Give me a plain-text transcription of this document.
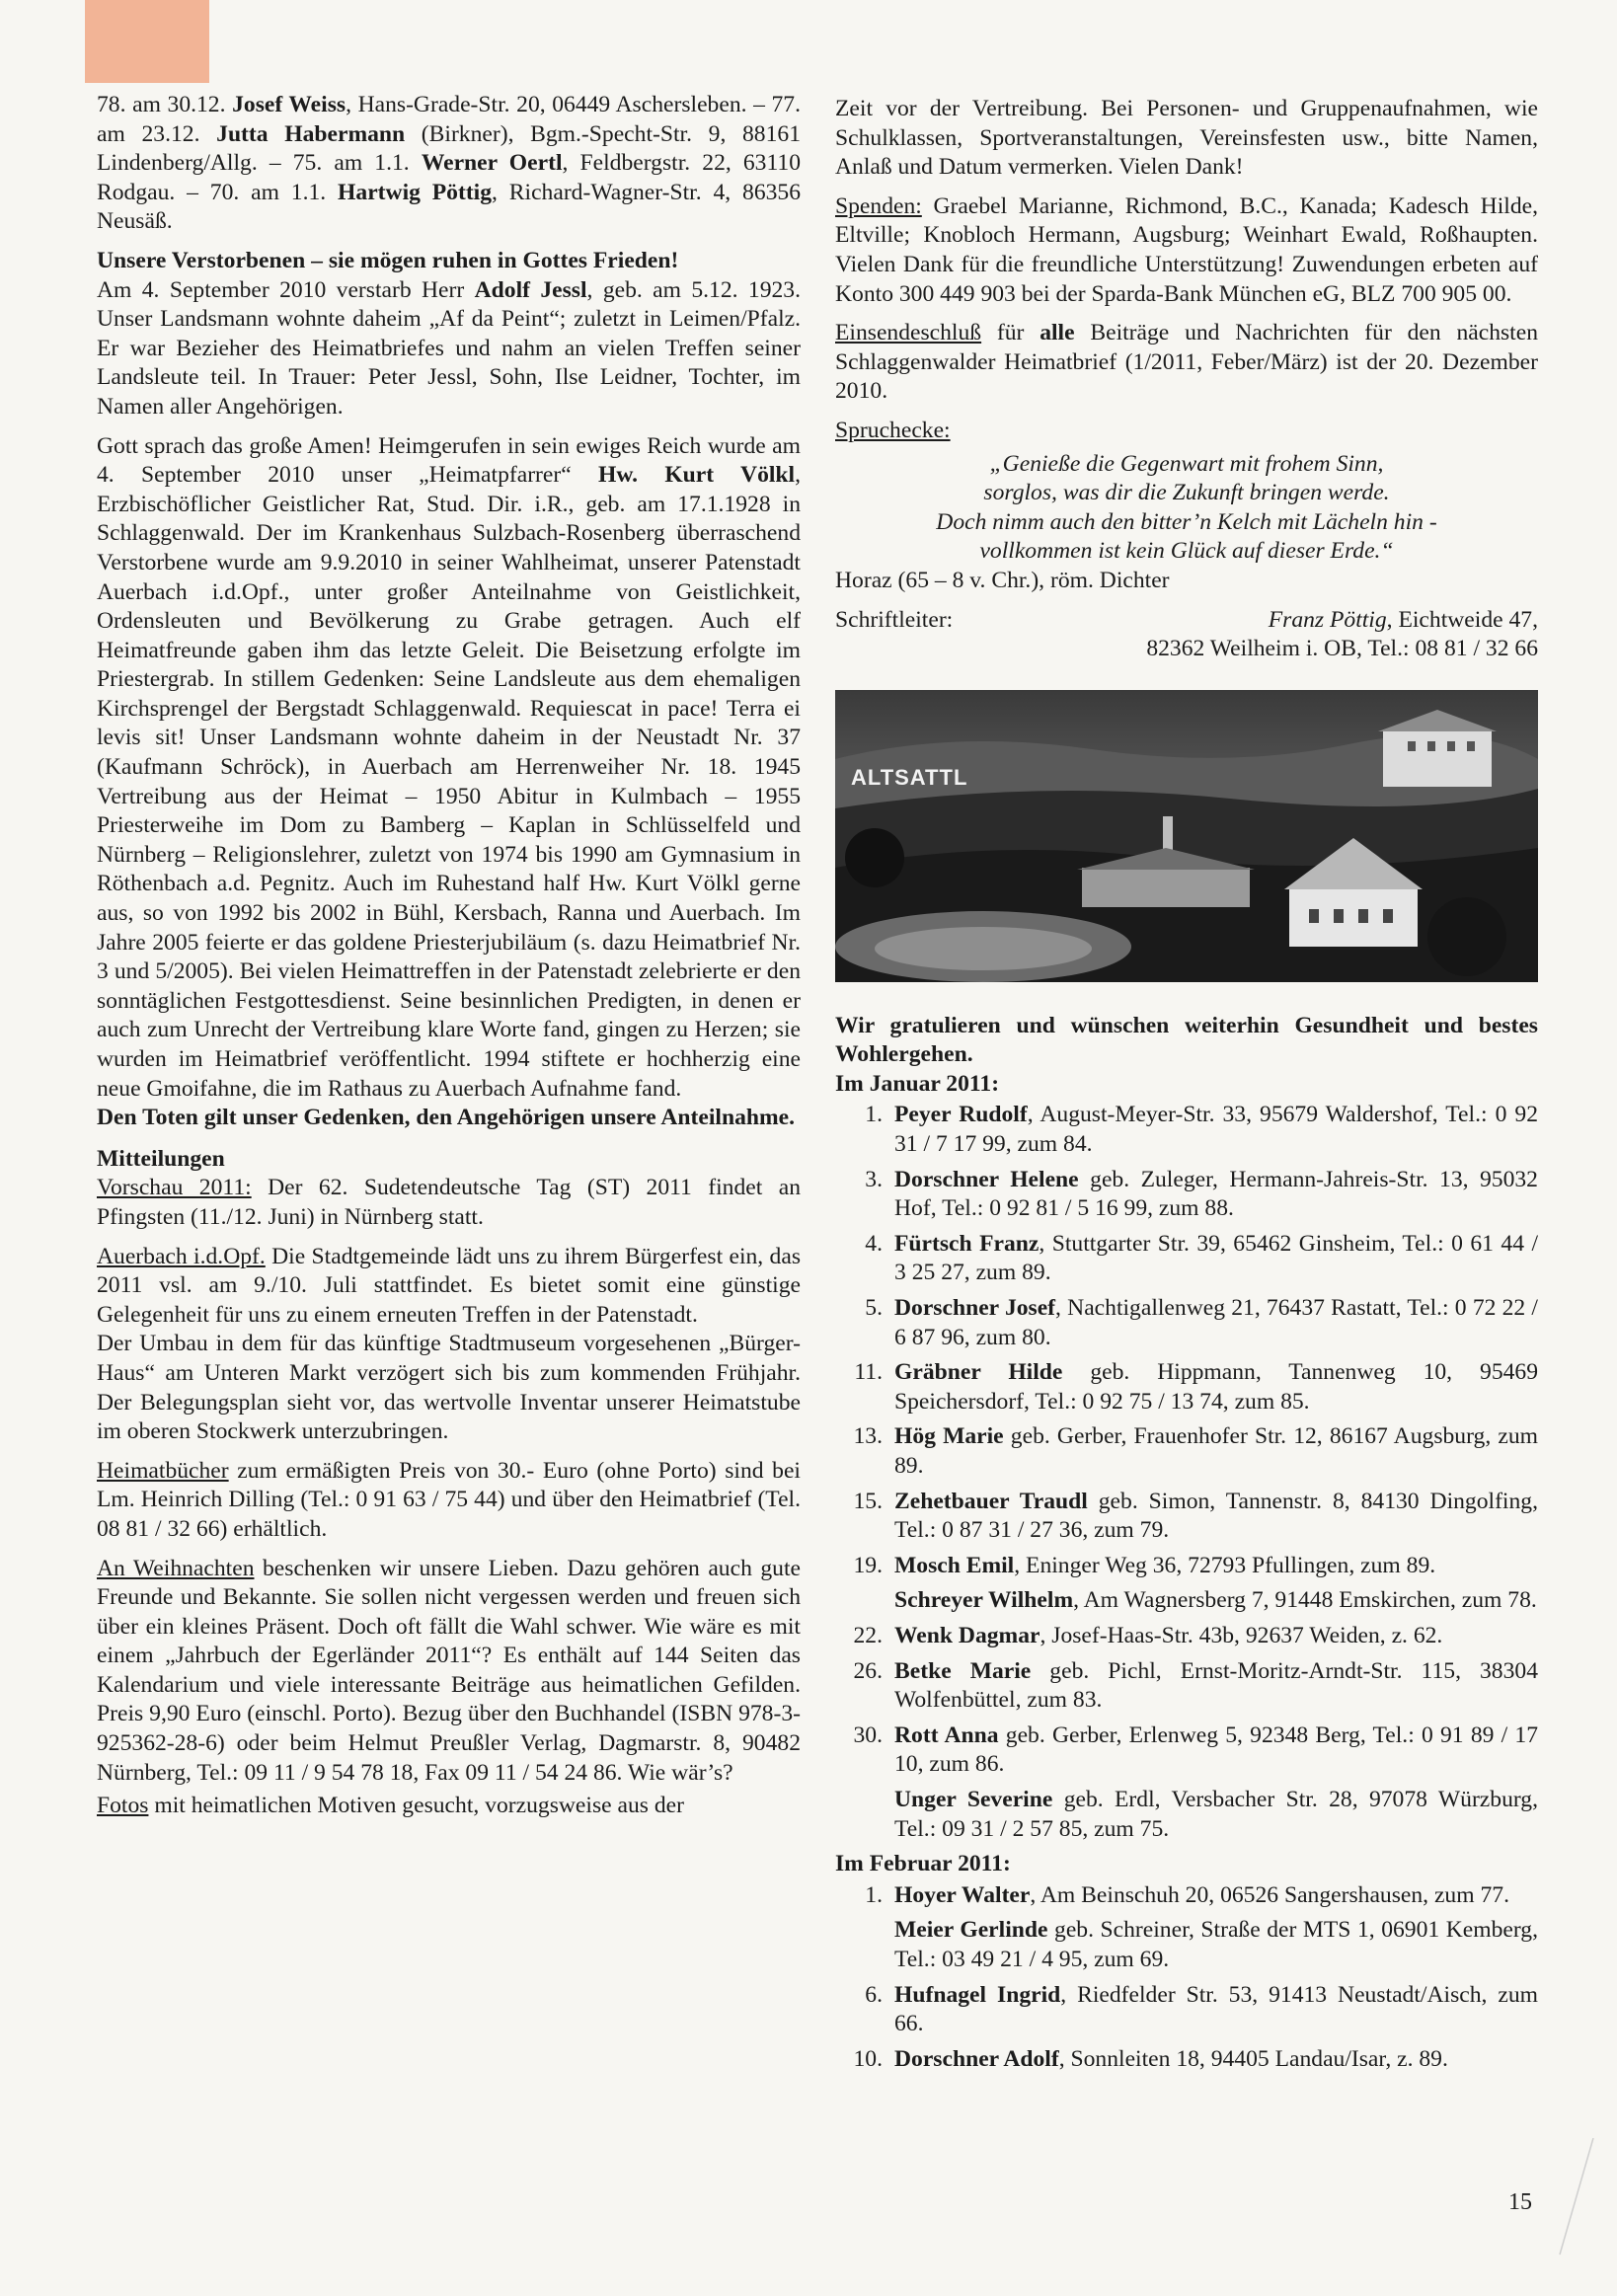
78. am 30.12. Josef Weiss, Hans-Grade-Str. 20, 06449 Aschersleben. – 77. am 23.12. Jutta Habermann (Birkner), Bgm.-Specht-Str. 9, 88161 Lindenberg/Allg. – 75. am 1.1. Werner Oertl, Feldbergstr. 22, 63110 Rodgau. – 70. am 1.1. Hartwig Pöttig, Richard-Wagner-Str. 4, 86356 Neusäß.

Unsere Verstorbenen – sie mögen ruhen in Gottes Frieden!

Am 4. September 2010 verstarb Herr Adolf Jessl, geb. am 5.12. 1923. Unser Landsmann wohnte daheim „Af da Peint“; zuletzt in Leimen/Pfalz. Er war Bezieher des Heimatbriefes und nahm an vielen Treffen seiner Landsleute teil. In Trauer: Peter Jessl, Sohn, Ilse Leidner, Tochter, im Namen aller Angehörigen.

Gott sprach das große Amen! Heimgerufen in sein ewiges Reich wurde am 4. September 2010 unser „Heimatpfarrer“ Hw. Kurt Völkl, Erzbischöflicher Geistlicher Rat, Stud. Dir. i.R., geb. am 17.1.1928 in Schlaggenwald. Der im Krankenhaus Sulzbach-Rosenberg überraschend Verstorbene wurde am 9.9.2010 in seiner Wahlheimat, unserer Patenstadt Auerbach i.d.Opf., unter großer Anteilnahme von Geistlichkeit, Ordensleuten und Bevölkerung zu Grabe getragen. Auch elf Heimatfreunde gaben ihm das letzte Geleit. Die Beisetzung erfolgte im Priestergrab. In stillem Gedenken: Seine Landsleute aus dem ehemaligen Kirchsprengel der Bergstadt Schlaggenwald. Requiescat in pace! Terra ei levis sit! Unser Landsmann wohnte daheim in der Neustadt Nr. 37 (Kaufmann Schröck), in Auerbach am Herrenweiher Nr. 18. 1945 Vertreibung aus der Heimat – 1950 Abitur in Kulmbach – 1955 Priesterweihe im Dom zu Bamberg – Kaplan in Schlüsselfeld und Nürnberg – Religionslehrer, zuletzt von 1974 bis 1990 am Gymnasium in Röthenbach a.d. Pegnitz. Auch im Ruhestand half Hw. Kurt Völkl gerne aus, so von 1992 bis 2002 in Bühl, Kersbach, Ranna und Auerbach. Im Jahre 2005 feierte er das goldene Priesterjubiläum (s. dazu Heimatbrief Nr. 3 und 5/2005). Bei vielen Heimattreffen in der Patenstadt zelebrierte er den sonntäglichen Festgottesdienst. Seine besinnlichen Predigten, in denen er auch zum Unrecht der Vertreibung klare Worte fand, gingen zu Herzen; sie wurden im Heimatbrief veröffentlicht. 1994 stiftete er hochherzig eine neue Gmoifahne, die im Rathaus zu Auerbach Aufnahme fand.

Den Toten gilt unser Gedenken, den Angehörigen unsere Anteilnahme.

Mitteilungen

Vorschau 2011: Der 62. Sudetendeutsche Tag (ST) 2011 findet an Pfingsten (11./12. Juni) in Nürnberg statt.

Auerbach i.d.Opf. Die Stadtgemeinde lädt uns zu ihrem Bürgerfest ein, das 2011 vsl. am 9./10. Juli stattfindet. Es bietet somit eine günstige Gelegenheit für uns zu einem erneuten Treffen in der Patenstadt.

Der Umbau in dem für das künftige Stadtmuseum vorgesehenen „Bürger-Haus“ am Unteren Markt verzögert sich bis zum kommenden Frühjahr. Der Belegungsplan sieht vor, das wertvolle Inventar unserer Heimatstube im oberen Stockwerk unterzubringen.

Heimatbücher zum ermäßigten Preis von 30.- Euro (ohne Porto) sind bei Lm. Heinrich Dilling (Tel.: 0 91 63 / 75 44) und über den Heimatbrief (Tel. 08 81 / 32 66) erhältlich.

An Weihnachten beschenken wir unsere Lieben. Dazu gehören auch gute Freunde und Bekannte. Sie sollen nicht vergessen werden und freuen sich über ein kleines Präsent. Doch oft fällt die Wahl schwer. Wie wäre es mit einem „Jahrbuch der Egerländer 2011“? Es enthält auf 144 Seiten das Kalendarium und viele interessante Beiträge aus heimatlichen Gefilden. Preis 9,90 Euro (einschl. Porto). Bezug über den Buchhandel (ISBN 978-3-925362-28-6) oder beim Helmut Preußler Verlag, Dagmarstr. 8, 90482 Nürnberg, Tel.: 09 11 / 9 54 78 18, Fax 09 11 / 54 24 86. Wie wär’s?

Fotos mit heimatlichen Motiven gesucht, vorzugsweise aus der

Zeit vor der Vertreibung. Bei Personen- und Gruppenaufnahmen, wie Schulklassen, Sportveranstaltungen, Vereinsfesten usw., bitte Namen, Anlaß und Datum vermerken. Vielen Dank!

Spenden: Graebel Marianne, Richmond, B.C., Kanada; Kadesch Hilde, Eltville; Knobloch Hermann, Augsburg; Weinhart Ewald, Roßhaupten. Vielen Dank für die freundliche Unterstützung! Zuwendungen erbeten auf Konto 300 449 903 bei der Sparda-Bank München eG, BLZ 700 905 00.

Einsendeschluß für alle Beiträge und Nachrichten für den nächsten Schlaggenwalder Heimatbrief (1/2011, Feber/März) ist der 20. Dezember 2010.

Spruchecke:

„Genieße die Gegenwart mit frohem Sinn,
sorglos, was dir die Zukunft bringen werde.
Doch nimm auch den bitter’n Kelch mit Lächeln hin -
vollkommen ist kein Glück auf dieser Erde.“

Horaz (65 – 8 v. Chr.), röm. Dichter

Schriftleiter:	Franz Pöttig, Eichtweide 47,
82362 Weilheim i. OB, Tel.: 08 81 / 32 66
ALTSATTL

Wir gratulieren und wünschen weiterhin Gesundheit und bestes Wohlergehen.

Im Januar 2011:

1. Peyer Rudolf, August-Meyer-Str. 33, 95679 Waldershof, Tel.: 0 92 31 / 7 17 99, zum 84.
3. Dorschner Helene geb. Zuleger, Hermann-Jahreis-Str. 13, 95032 Hof, Tel.: 0 92 81 / 5 16 99, zum 88.
4. Fürtsch Franz, Stuttgarter Str. 39, 65462 Ginsheim, Tel.: 0 61 44 / 3 25 27, zum 89.
5. Dorschner Josef, Nachtigallenweg 21, 76437 Rastatt, Tel.: 0 72 22 / 6 87 96, zum 80.
11. Gräbner Hilde geb. Hippmann, Tannenweg 10, 95469 Speichersdorf, Tel.: 0 92 75 / 13 74, zum 85.
13. Hög Marie geb. Gerber, Frauenhofer Str. 12, 86167 Augsburg, zum 89.
15. Zehetbauer Traudl geb. Simon, Tannenstr. 8, 84130 Dingolfing, Tel.: 0 87 31 / 27 36, zum 79.
19. Mosch Emil, Eninger Weg 36, 72793 Pfullingen, zum 89.
Schreyer Wilhelm, Am Wagnersberg 7, 91448 Emskirchen, zum 78.
22. Wenk Dagmar, Josef-Haas-Str. 43b, 92637 Weiden, z. 62.
26. Betke Marie geb. Pichl, Ernst-Moritz-Arndt-Str. 115, 38304 Wolfenbüttel, zum 83.
30. Rott Anna geb. Gerber, Erlenweg 5, 92348 Berg, Tel.: 0 91 89 / 17 10, zum 86.
Unger Severine geb. Erdl, Versbacher Str. 28, 97078 Würzburg, Tel.: 09 31 / 2 57 85, zum 75.

Im Februar 2011:

1. Hoyer Walter, Am Beinschuh 20, 06526 Sangershausen, zum 77.
Meier Gerlinde geb. Schreiner, Straße der MTS 1, 06901 Kemberg, Tel.: 03 49 21 / 4 95, zum 69.
6. Hufnagel Ingrid, Riedfelder Str. 53, 91413 Neustadt/Aisch, zum 66.
10. Dorschner Adolf, Sonnleiten 18, 94405 Landau/Isar, z. 89.
15
